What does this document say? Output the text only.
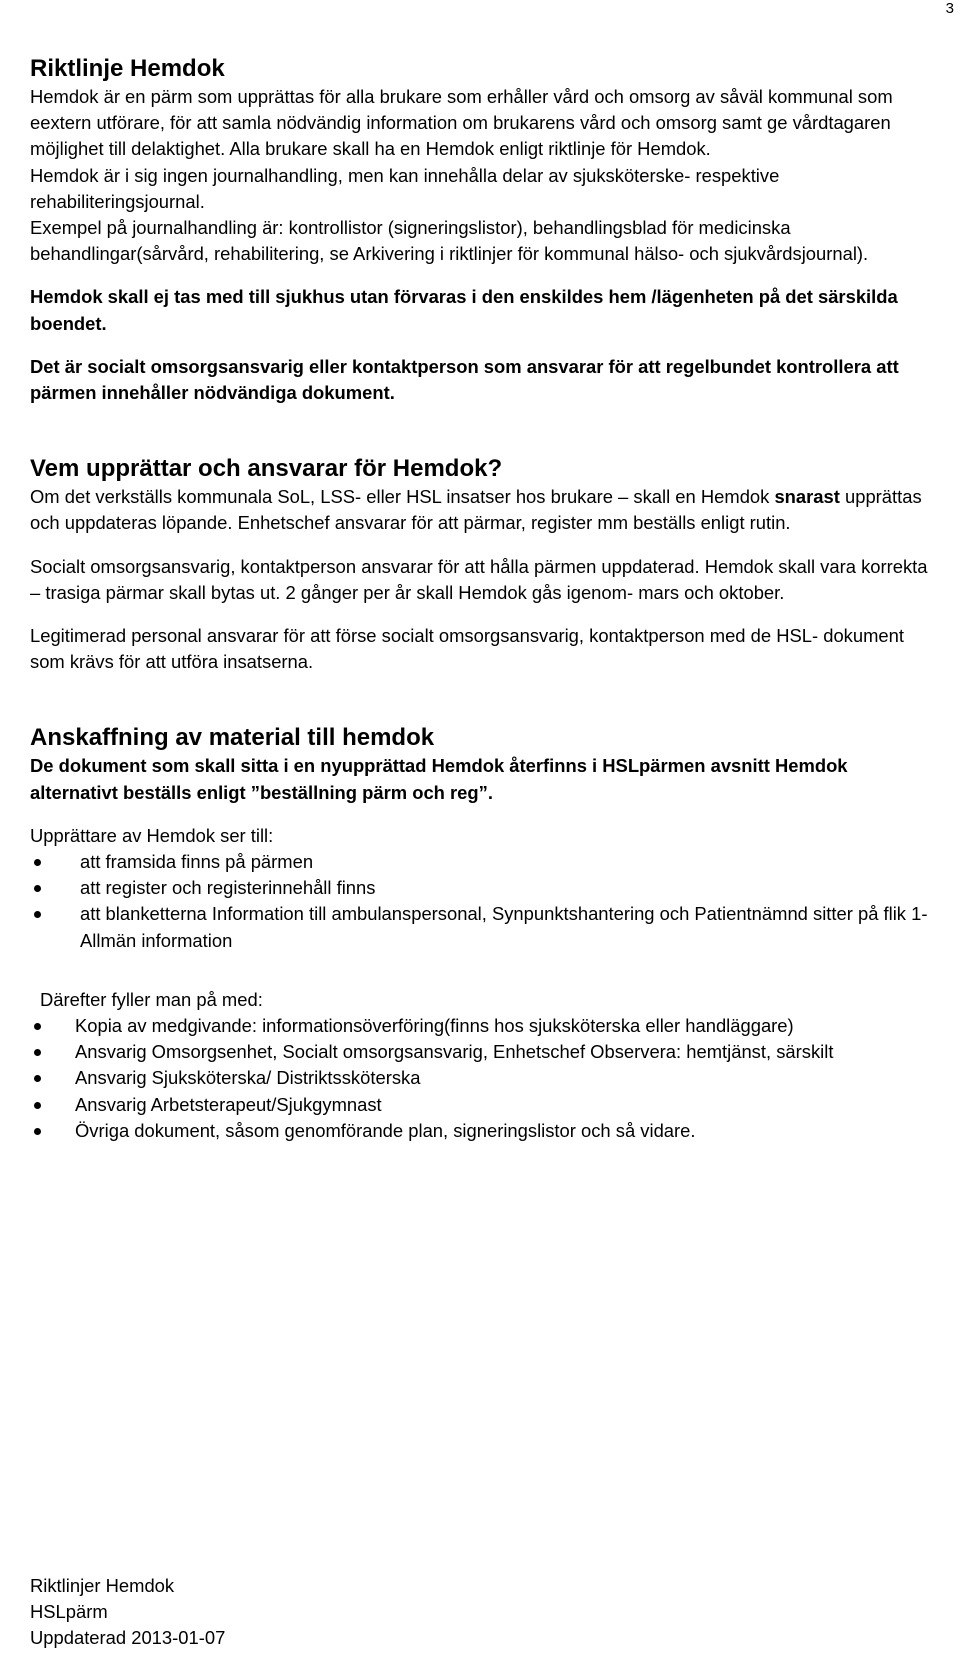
3
Riktlinje Hemdok

Hemdok är en pärm som upprättas för alla brukare som erhåller vård och omsorg av såväl kommunal som eextern utförare, för att samla nödvändig information om brukarens vård och omsorg samt ge vårdtagaren möjlighet till delaktighet. Alla brukare skall ha en Hemdok enligt riktlinje för Hemdok.

Hemdok är i sig ingen journalhandling, men kan innehålla delar av sjuksköterske- respektive rehabiliteringsjournal.

Exempel på journalhandling är: kontrollistor (signeringslistor), behandlingsblad för medicinska behandlingar(sårvård, rehabilitering, se Arkivering i riktlinjer för kommunal hälso- och sjukvårdsjournal).

Hemdok skall ej tas med till sjukhus utan förvaras i den enskildes hem /lägenheten på det särskilda boendet.

Det är socialt omsorgsansvarig eller kontaktperson som ansvarar för att regelbundet kontrollera att pärmen innehåller nödvändiga dokument.

Vem upprättar och ansvarar för Hemdok?

Om det verkställs kommunala SoL, LSS- eller HSL insatser hos brukare – skall en Hemdok snarast upprättas och uppdateras löpande. Enhetschef ansvarar för att pärmar, register mm beställs enligt rutin.

Socialt omsorgsansvarig, kontaktperson ansvarar för att hålla pärmen uppdaterad. Hemdok skall vara korrekta – trasiga pärmar skall bytas ut. 2 gånger per år skall Hemdok gås igenom- mars och oktober.

Legitimerad personal ansvarar för att förse socialt omsorgsansvarig, kontaktperson med de HSL- dokument som krävs för att utföra insatserna.

Anskaffning av material till hemdok

De dokument som skall sitta i en nyupprättad Hemdok återfinns i HSLpärmen avsnitt Hemdok alternativt beställs enligt ”beställning pärm och reg”.

Upprättare av Hemdok ser till:

att framsida finns på pärmen
att register och registerinnehåll finns
att blanketterna Information till ambulanspersonal, Synpunktshantering och Patientnämnd sitter på flik 1- Allmän information

Därefter fyller man på med:

Kopia av medgivande: informationsöverföring(finns hos sjuksköterska eller handläggare)
Ansvarig Omsorgsenhet, Socialt omsorgsansvarig, Enhetschef Observera: hemtjänst, särskilt
Ansvarig Sjuksköterska/ Distriktssköterska
Ansvarig Arbetsterapeut/Sjukgymnast
Övriga dokument, såsom genomförande plan, signeringslistor och så vidare.
Riktlinjer Hemdok
HSLpärm
Uppdaterad 2013-01-07
